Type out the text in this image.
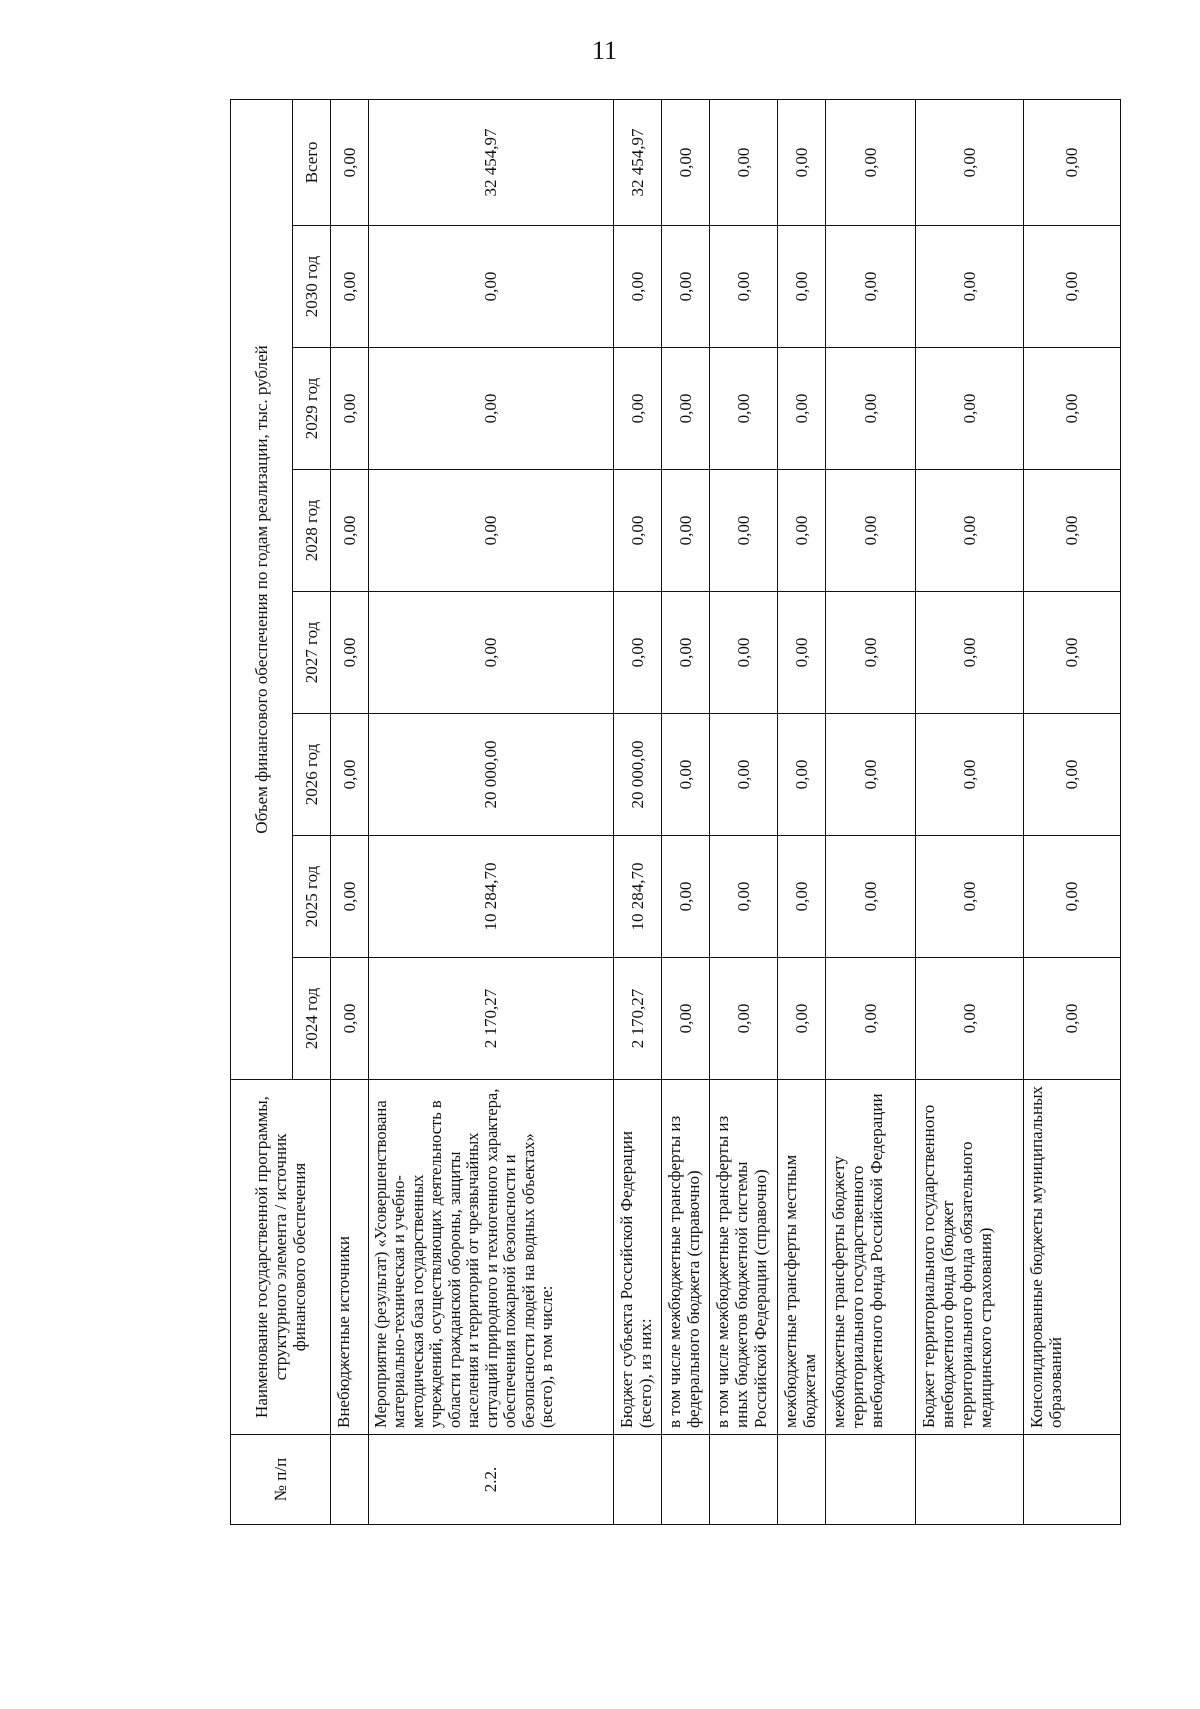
11
№ п/п	Наименование государственной программы, структурного элемента / источник финансового обеспечения	Объем финансового обеспечения по годам реализации, тыс. рублей							
		2024 год	2025 год	2026 год	2027 год	2028 год	2029 год	2030 год	Всего
	Внебюджетные источники	0,00	0,00	0,00	0,00	0,00	0,00	0,00	0,00
2.2.	Мероприятие (результат) «Усовершенствована материально-техническая и учебно-методическая база государственных учреждений, осуществляющих деятельность в области гражданской обороны, защиты населения и территорий от чрезвычайных ситуаций природного и техногенного характера, обеспечения пожарной безопасности и безопасности людей на водных объектах» (всего), в том числе:	2 170,27	10 284,70	20 000,00	0,00	0,00	0,00	0,00	32 454,97
	Бюджет субъекта Российской Федерации (всего), из них:	2 170,27	10 284,70	20 000,00	0,00	0,00	0,00	0,00	32 454,97
	в том числе межбюджетные трансферты из федерального бюджета (справочно)	0,00	0,00	0,00	0,00	0,00	0,00	0,00	0,00
	в том числе межбюджетные трансферты из иных бюджетов бюджетной системы Российской Федерации (справочно)	0,00	0,00	0,00	0,00	0,00	0,00	0,00	0,00
	межбюджетные трансферты местным бюджетам	0,00	0,00	0,00	0,00	0,00	0,00	0,00	0,00
	межбюджетные трансферты бюджету территориального государственного внебюджетного фонда Российской Федерации	0,00	0,00	0,00	0,00	0,00	0,00	0,00	0,00
	Бюджет территориального государственного внебюджетного фонда (бюджет территориального фонда обязательного медицинского страхования)	0,00	0,00	0,00	0,00	0,00	0,00	0,00	0,00
	Консолидированные бюджеты муниципальных образований	0,00	0,00	0,00	0,00	0,00	0,00	0,00	0,00
